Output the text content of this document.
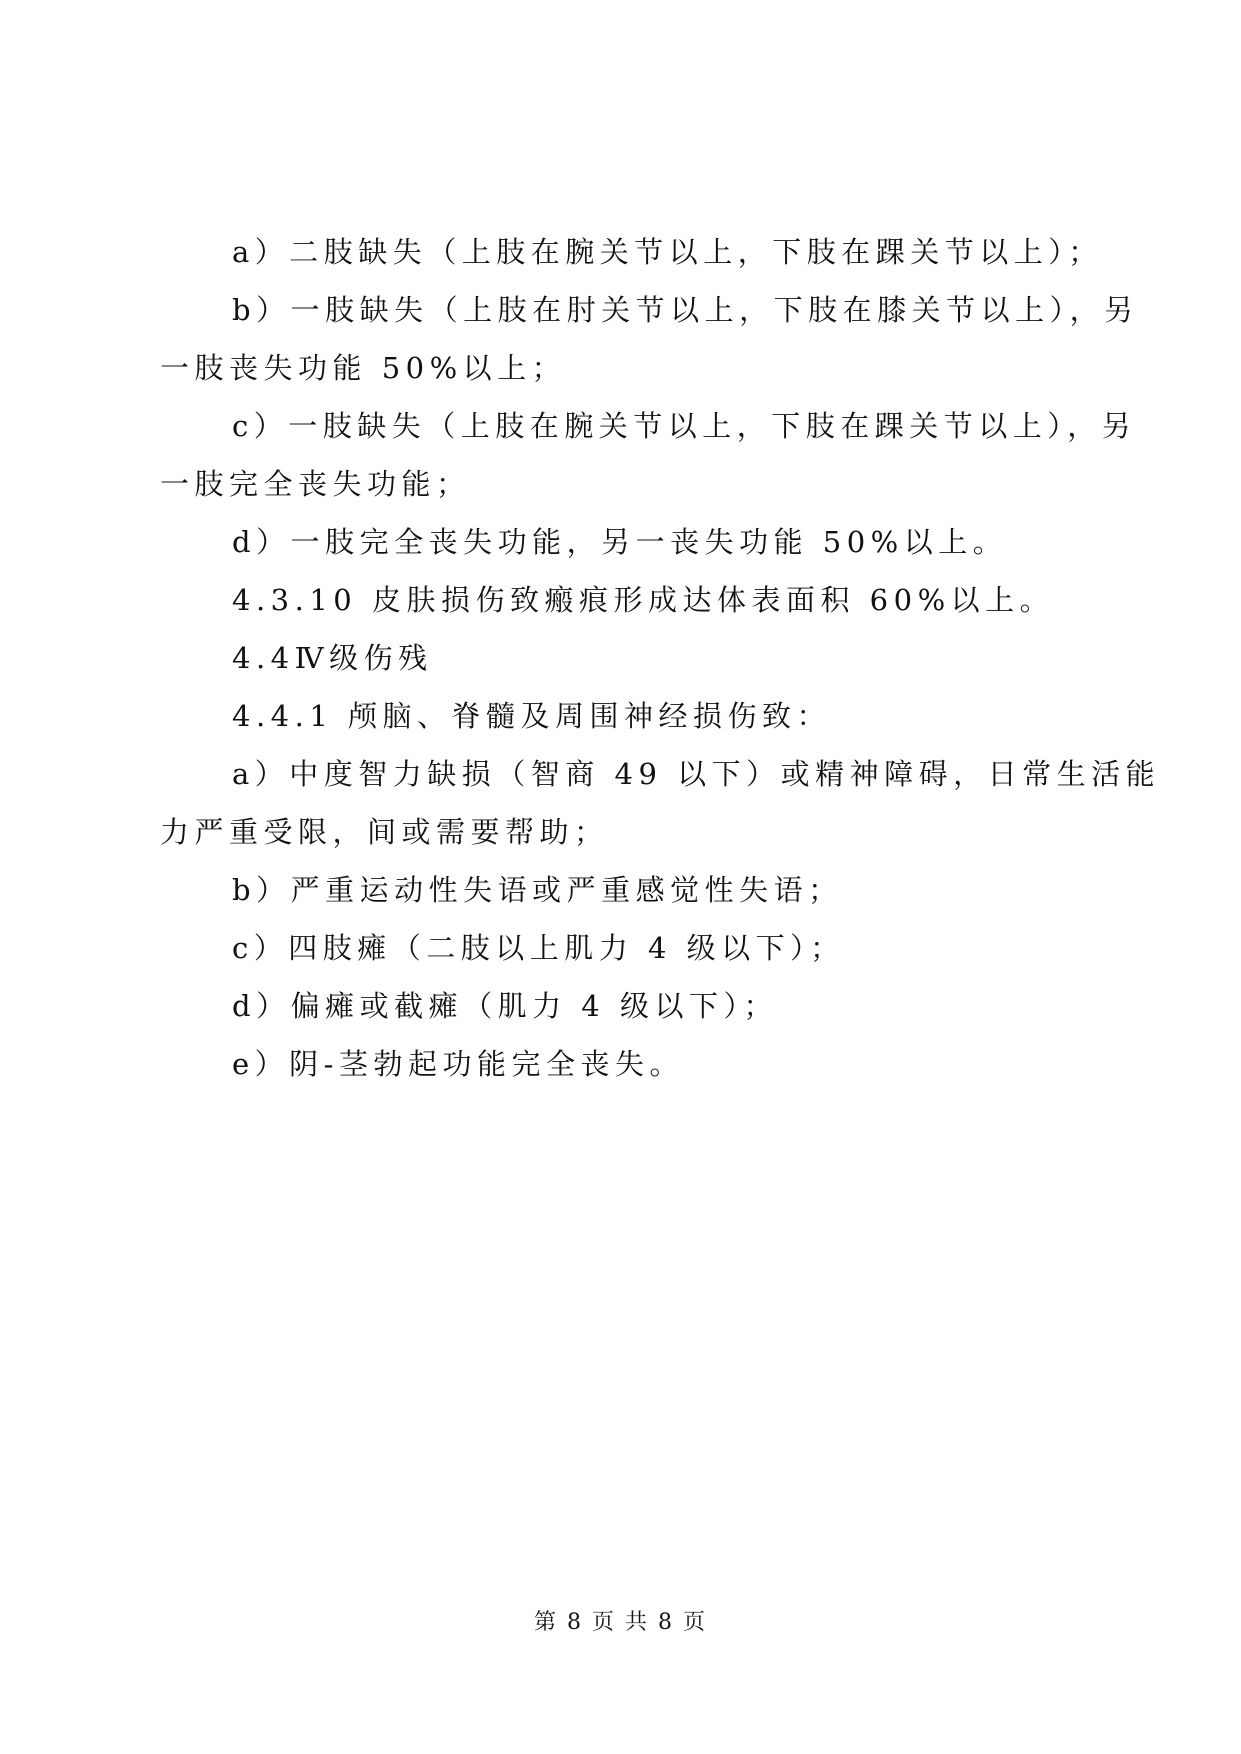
a）二肢缺失（上肢在腕关节以上，下肢在踝关节以上）；
b）一肢缺失（上肢在肘关节以上，下肢在膝关节以上），另
一肢丧失功能 50%以上；
c）一肢缺失（上肢在腕关节以上，下肢在踝关节以上），另
一肢完全丧失功能；
d）一肢完全丧失功能，另一丧失功能 50%以上。
4.3.10 皮肤损伤致瘢痕形成达体表面积 60%以上。
4.4Ⅳ级伤残
4.4.1 颅脑、脊髓及周围神经损伤致：
a）中度智力缺损（智商 49 以下）或精神障碍，日常生活能
力严重受限，间或需要帮助；
b）严重运动性失语或严重感觉性失语；
c）四肢瘫（二肢以上肌力 4 级以下）；
d）偏瘫或截瘫（肌力 4 级以下）；
e）阴-茎勃起功能完全丧失。
第 8 页 共 8 页
